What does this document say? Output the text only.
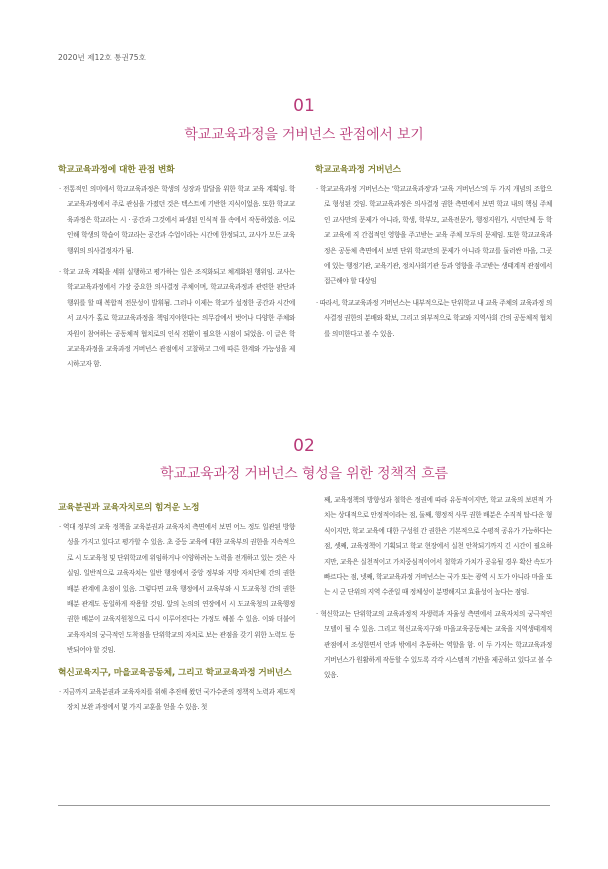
2020년 제12호 통권75호
01
학교교육과정을 거버넌스 관점에서 보기
학교교육과정에 대한 관점 변화

· 전통적인 의미에서 학교교육과정은 학생의 성장과 발달을 위한 학교 교육 계획임. 학교교육과정에서 주로 관심을 가졌던 것은 텍스트에 기반한 지식이었음. 또한 학교교육과정은 학교라는 시 · 공간과 그것에서 파생된 인식적 틀 속에서 작동하였음. 이로 인해 학생의 학습이 학교라는 공간과 수업이라는 시간에 한정되고, 교사가 모든 교육행위의 의사결정자가 됨.

· 학교 교육 계획을 세워 실행하고 평가하는 일은 조직화되고 체계화된 행위임. 교사는 학교교육과정에서 가장 중요한 의사결정 주체이며, 학교교육과정과 관련한 판단과 행위를 할 때 복합적 전문성이 발휘됨. 그러나 이제는 학교가 설정한 공간과 시간에서 교사가 홀로 학교교육과정을 책임지야한다는 의무감에서 벗어나 다양한 주체와 자원이 참여하는 공동체적 협치로의 인식 전환이 필요한 시점이 되었음. 이 글은 학교교육과정을 교육과정 거버넌스 관점에서 고찰하고 그에 따른 한계와 가능성을 제시하고자 함.

학교교육과정 거버넌스

· 학교교육과정 거버넌스는 '학교교육과정'과 '교육 거버넌스'의 두 가지 개념의 조합으로 형성된 것임. 학교교육과정은 의사결정 권한 측면에서 보면 학교 내의 핵심 주체인 교사만의 문제가 아니라, 학생, 학부모, 교육전문가, 행정지원가, 시민단체 등 학교 교육에 직 간접적인 영향을 주고받는 교육 주체 모두의 문제임. 또한 학교교육과정은 공동체 측면에서 보면 단위 학교만의 문제가 아니라 학교를 둘러싼 마을, 그곳에 있는 행정기관, 교육기관, 정치사회기관 등과 영향을 주고받는 생태계적 관점에서 접근해야 할 대상임

· 따라서, 학교교육과정 거버넌스는 내부적으로는 단위학교 내 교육 주체의 교육과정 의사결정 권한의 분배와 확보, 그리고 외부적으로 학교와 지역사회 간의 공동체적 협치를 의미한다고 볼 수 있음.

02
학교교육과정 거버넌스 형성을 위한 정책적 흐름
교육분권과 교육자치로의 힘겨운 노정

· 역대 정부의 교육 정책을 교육분권과 교육자치 측면에서 보면 어느 정도 일관된 방향성을 가지고 있다고 평가할 수 있음. 초 중등 교육에 대한 교육부의 권한을 지속적으로 시 도교육청 및 단위학교에 위임하거나 이양하려는 노력을 전개하고 있는 것은 사실임. 일반적으로 교육자치는 일반 행정에서 중앙 정부와 지방 자치단체 간의 권한 배분 관계에 초점이 있음. 그렇다면 교육 행정에서 교육부와 시 도교육청 간의 권한 배분 관계도 동일하게 작용할 것임. 앞의 논의의 연장에서 시 도교육청의 교육행정 권한 배분이 교육지원청으로 다시 이루어진다는 가정도 해볼 수 있음. 이와 더불어 교육자치의 궁극적인 도착점을 단위학교의 자치로 보는 관점을 갖기 위한 노력도 동반되어야 할 것임.

혁신교육지구, 마을교육공동체, 그리고 학교교육과정 거버넌스

· 지금까지 교육분권과 교육자치를 위해 추진해 왔던 국가수준의 정책적 노력과 제도적 장치 보완 과정에서 몇 가지 교훈을 얻을 수 있음. 첫

째, 교육정책의 방향성과 철학은 정권에 따라 유동적이지만, 학교 교육의 보편적 가치는 상대적으로 안정적이라는 점, 둘째, 행정적 사무 권한 배분은 수직적 탑-다운 형식이지만, 학교 교육에 대한 구성원 간 권한은 기본적으로 수평적 공유가 가능하다는 점, 셋째, 교육정책이 기획되고 학교 현장에서 실천 안착되기까지 긴 시간이 필요하지만, 교육은 실천적이고 가치중심적이어서 철학과 가치가 공유될 경우 확산 속도가 빠르다는 점, 넷째, 학교교육과정 거버넌스는 국가 또는 광역 시 도가 아니라 마을 또는 시 군 단위의 지역 수준일 때 정체성이 분명해지고 효율성이 높다는 점임.

· 혁신학교는 단위학교의 교육과정적 자생력과 자율성 측면에서 교육자치의 궁극적인 모델이 될 수 있음. 그리고 혁신교육지구와 마을교육공동체는 교육을 지역생태계적 관점에서 조성한면서 안과 밖에서 추동하는 역할을 함. 이 두 가지는 학교교육과정 거버넌스가 원활하게 작동할 수 있도록 각각 시스템적 기반을 제공하고 있다고 볼 수 있음.
